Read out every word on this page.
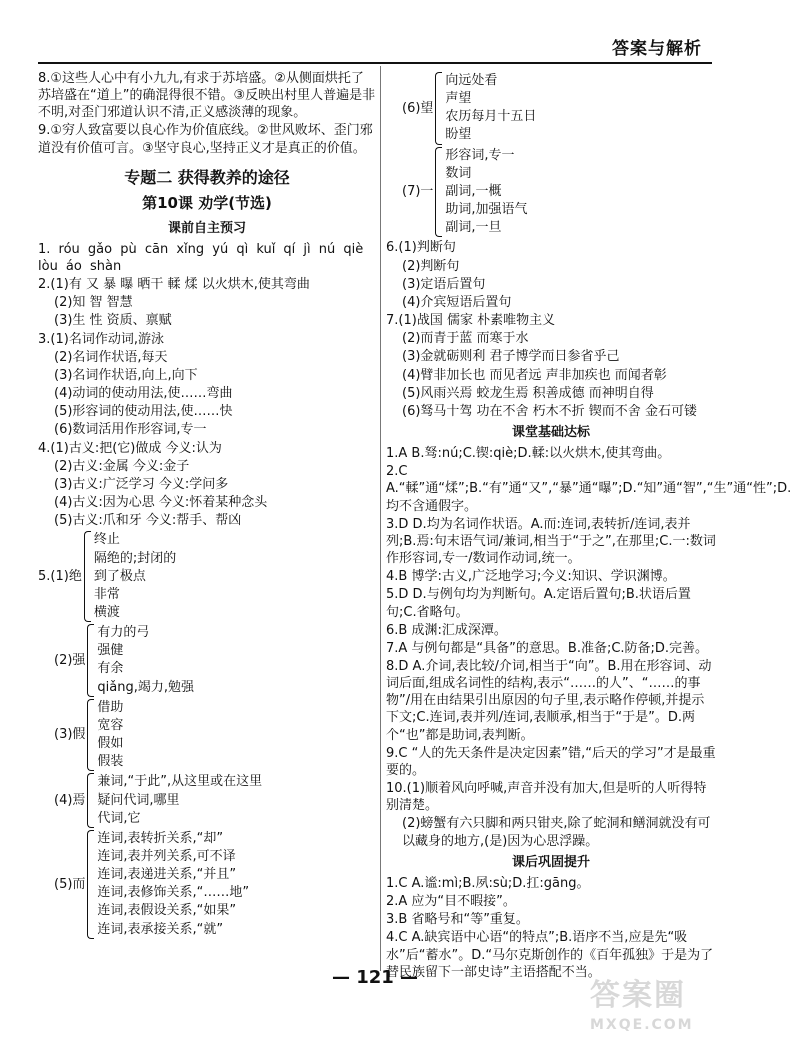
答案与解析

8.①这些人心中有小九九,有求于苏培盛。②从侧面烘托了苏培盛在“道上”的确混得很不错。③反映出村里人普遍是非不明,对歪门邪道认识不清,正义感淡薄的现象。

9.①穷人致富要以良心作为价值底线。②世风败坏、歪门邪道没有价值可言。③坚守良心,坚持正义才是真正的价值。

专题二 获得教养的途径
第10课 劝学(节选)
课前自主预习

1. róu gǎo pù cān xǐng yú qì kuǐ qí jì nú qiè lòu áo shàn

2.(1)有 又 暴 曝 晒干 輮 煣 以火烘木,使其弯曲

(2)知 智 智慧

(3)生 性 资质、禀赋

3.(1)名词作动词,游泳

(2)名词作状语,每天

(3)名词作状语,向上,向下

(4)动词的使动用法,使……弯曲

(5)形容词的使动用法,使……快

(6)数词活用作形容词,专一

4.(1)古义:把(它)做成 今义:认为

(2)古义:金属 今义:金子

(3)古义:广泛学习 今义:学问多

(4)古义:因为心思 今义:怀着某种念头

(5)古义:爪和牙 今义:帮手、帮凶

5.(1)绝
终止
隔绝的;封闭的
到了极点
非常
横渡
(2)强
有力的弓
强健
有余
qiǎng,竭力,勉强
(3)假
借助
宽容
假如
假装
(4)焉
兼词,“于此”,从这里或在这里
疑问代词,哪里
代词,它
(5)而
连词,表转折关系,“却”
连词,表并列关系,可不译
连词,表递进关系,“并且”
连词,表修饰关系,“……地”
连词,表假设关系,“如果”
连词,表承接关系,“就”
(6)望
向远处看
声望
农历每月十五日
盼望
(7)一
形容词,专一
数词
副词,一概
助词,加强语气
副词,一旦

6.(1)判断句

(2)判断句

(3)定语后置句

(4)介宾短语后置句

7.(1)战国 儒家 朴素唯物主义

(2)而青于蓝 而寒于水

(3)金就砺则利 君子博学而日参省乎己

(4)臂非加长也 而见者远 声非加疾也 而闻者彰

(5)风雨兴焉 蛟龙生焉 积善成德 而神明自得

(6)驽马十驾 功在不舍 朽木不折 锲而不舍 金石可镂

课堂基础达标

1.A B.驽:nú;C.锲:qiè;D.輮:以火烘木,使其弯曲。

2.C A.“輮”通“煣”;B.“有”通“又”,“暴”通“曝”;D.“知”通“智”,“生”通“性”;D.均不含通假字。

3.D D.均为名词作状语。A.而:连词,表转折/连词,表并列;B.焉:句末语气词/兼词,相当于“于之”,在那里;C.一:数词作形容词,专一/数词作动词,统一。

4.B 博学:古义,广泛地学习;今义:知识、学识渊博。

5.D D.与例句均为判断句。A.定语后置句;B.状语后置句;C.省略句。

6.B 成渊:汇成深潭。

7.A 与例句都是“具备”的意思。B.准备;C.防备;D.完善。

8.D A.介词,表比较/介词,相当于“向”。B.用在形容词、动词后面,组成名词性的结构,表示“……的人”、“……的事物”/用在由结果引出原因的句子里,表示略作停顿,并提示下文;C.连词,表并列/连词,表顺承,相当于“于是”。D.两个“也”都是助词,表判断。

9.C “人的先天条件是决定因素”错,“后天的学习”才是最重要的。

10.(1)顺着风向呼喊,声音并没有加大,但是听的人听得特别清楚。

(2)螃蟹有六只脚和两只钳夹,除了蛇洞和鳝洞就没有可以藏身的地方,(是)因为心思浮躁。

课后巩固提升

1.C A.谧:mì;B.夙:sù;D.扛:gāng。

2.A 应为“目不暇接”。

3.B 省略号和“等”重复。

4.C A.缺宾语中心语“的特点”;B.语序不当,应是先“吸水”后“蓄水”。D.“马尔克斯创作的《百年孤独》于是为了替民族留下一部史诗”主语搭配不当。

— 121 —
答案圈
MXQE.COM
